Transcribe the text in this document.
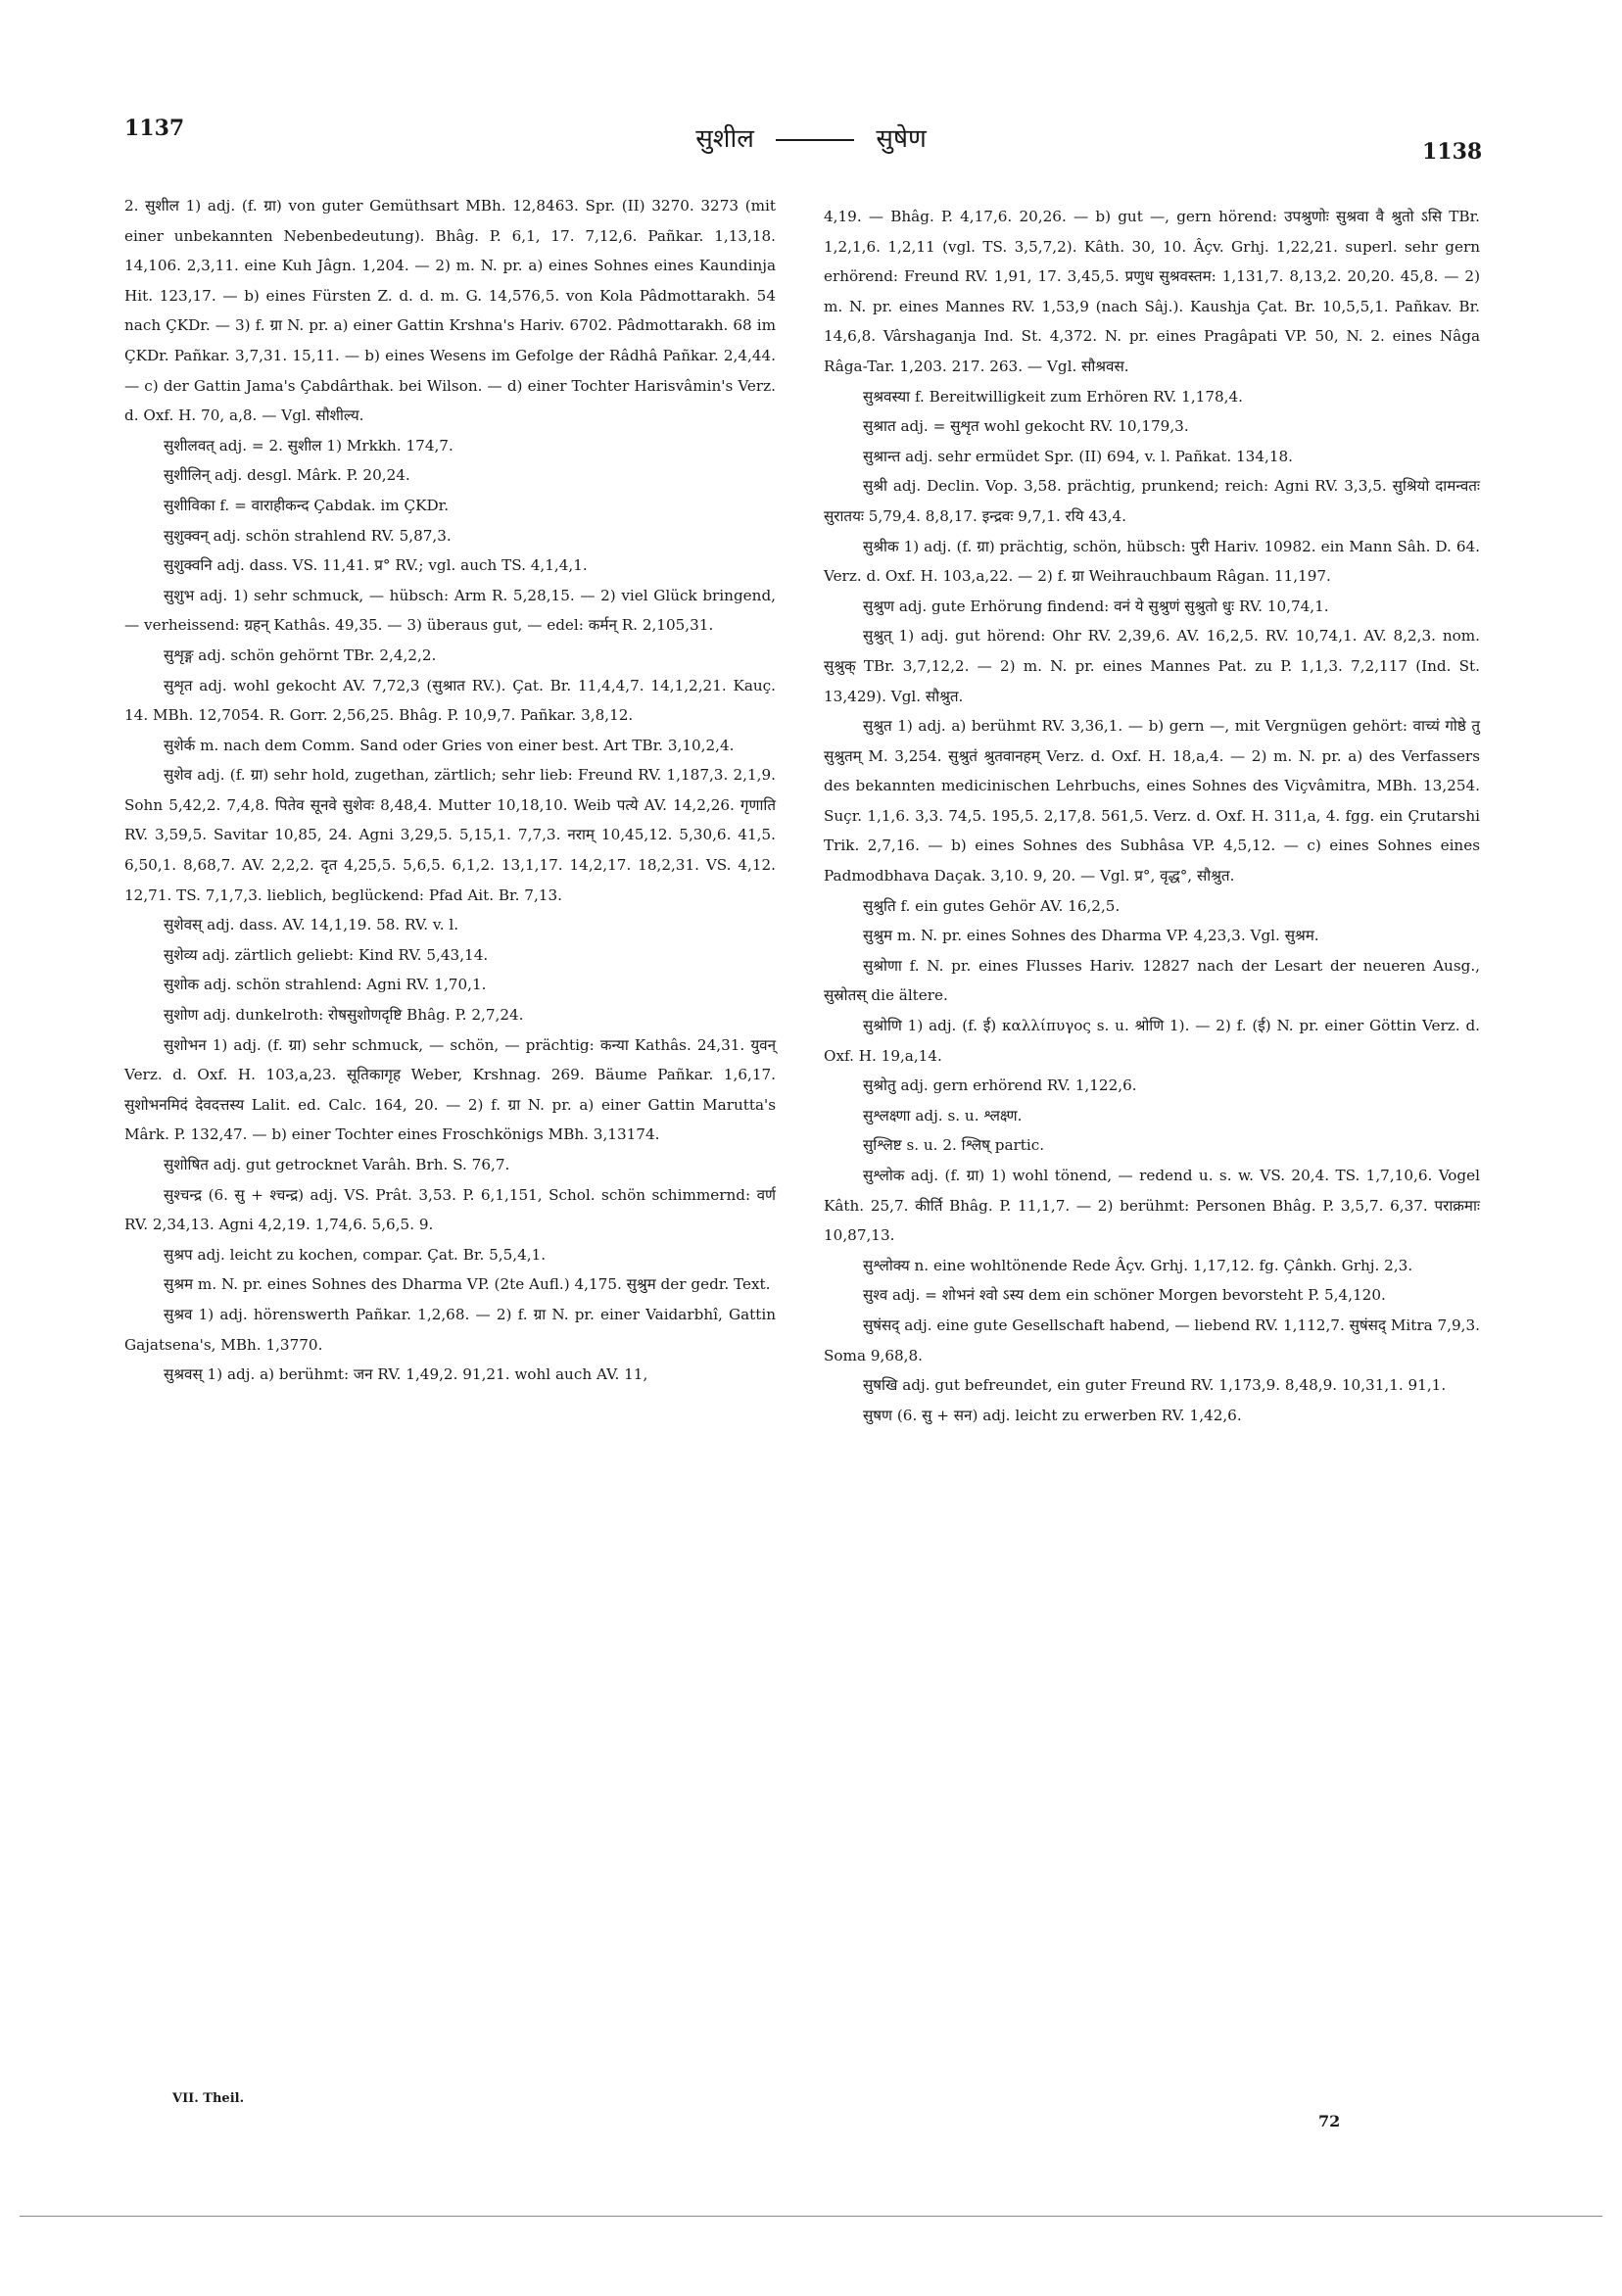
1137	सुशील	सुषेण	1138

2. सुशील 1) adj. (f. ग्रा) von guter Gemüthsart MBh. 12,8463. Spr. (II) 3270. 3273 (mit einer unbekannten Nebenbedeutung). Bhâg. P. 6,1, 17. 7,12,6. Pañkar. 1,13,18. 14,106. 2,3,11. eine Kuh Jâgn. 1,204. — 2) m. N. pr. a) eines Sohnes eines Kaundinja Hit. 123,17. — b) eines Fürsten Z. d. d. m. G. 14,576,5. von Kola Pâdmottarakh. 54 nach ÇKDr. — 3) f. ग्रा N. pr. a) einer Gattin Krshna's Hariv. 6702. Pâdmottarakh. 68 im ÇKDr. Pañkar. 3,7,31. 15,11. — b) eines Wesens im Gefolge der Râdhâ Pañkar. 2,4,44. — c) der Gattin Jama's Çabdârthak. bei Wilson. — d) einer Tochter Harisvâmin's Verz. d. Oxf. H. 70, a,8. — Vgl. सौशील्य.

सुशीलवत् adj. = 2. सुशील 1) Mrkkh. 174,7.

सुशीलिन् adj. desgl. Mârk. P. 20,24.

सुशीविका f. = वाराहीकन्द Çabdak. im ÇKDr.

सुशुक्वन् adj. schön strahlend RV. 5,87,3.

सुशुक्वनि adj. dass. VS. 11,41. प्र° RV.; vgl. auch TS. 4,1,4,1.

सुशुभ adj. 1) sehr schmuck, — hübsch: Arm R. 5,28,15. — 2) viel Glück bringend, — verheissend: ग्रहन् Kathâs. 49,35. — 3) überaus gut, — edel: कर्मन् R. 2,105,31.

सुशृङ्ग adj. schön gehörnt TBr. 2,4,2,2.

सुशृत adj. wohl gekocht AV. 7,72,3 (सुश्रात RV.). Çat. Br. 11,4,4,7. 14,1,2,21. Kauç. 14. MBh. 12,7054. R. Gorr. 2,56,25. Bhâg. P. 10,9,7. Pañkar. 3,8,12.

सुशेर्क m. nach dem Comm. Sand oder Gries von einer best. Art TBr. 3,10,2,4.

सुशेव adj. (f. ग्रा) sehr hold, zugethan, zärtlich; sehr lieb: Freund RV. 1,187,3. 2,1,9. Sohn 5,42,2. 7,4,8. पितेव सूनवे सुशेवः 8,48,4. Mutter 10,18,10. Weib पत्ये AV. 14,2,26. गृणाति RV. 3,59,5. Savitar 10,85, 24. Agni 3,29,5. 5,15,1. 7,7,3. नराम् 10,45,12. 5,30,6. 41,5. 6,50,1. 8,68,7. AV. 2,2,2. दृत 4,25,5. 5,6,5. 6,1,2. 13,1,17. 14,2,17. 18,2,31. VS. 4,12. 12,71. TS. 7,1,7,3. lieblich, beglückend: Pfad Ait. Br. 7,13.

सुशेवस् adj. dass. AV. 14,1,19. 58. RV. v. l.

सुशेव्य adj. zärtlich geliebt: Kind RV. 5,43,14.

सुशोक adj. schön strahlend: Agni RV. 1,70,1.

सुशोण adj. dunkelroth: रोषसुशोणदृष्टि Bhâg. P. 2,7,24.

सुशोभन 1) adj. (f. ग्रा) sehr schmuck, — schön, — prächtig: कन्या Kathâs. 24,31. युवन् Verz. d. Oxf. H. 103,a,23. सूतिकागृह Weber, Krshnag. 269. Bäume Pañkar. 1,6,17. सुशोभनमिदं देवदत्तस्य Lalit. ed. Calc. 164, 20. — 2) f. ग्रा N. pr. a) einer Gattin Marutta's Mârk. P. 132,47. — b) einer Tochter eines Froschkönigs MBh. 3,13174.

सुशोषित adj. gut getrocknet Varâh. Brh. S. 76,7.

सुश्चन्द्र (6. सु + श्चन्द्र) adj. VS. Prât. 3,53. P. 6,1,151, Schol. schön schimmernd: वर्ण RV. 2,34,13. Agni 4,2,19. 1,74,6. 5,6,5. 9.

सुश्रप adj. leicht zu kochen, compar. Çat. Br. 5,5,4,1.

सुश्रम m. N. pr. eines Sohnes des Dharma VP. (2te Aufl.) 4,175. सुश्रुम der gedr. Text.

सुश्रव 1) adj. hörenswerth Pañkar. 1,2,68. — 2) f. ग्रा N. pr. einer Vaidarbhî, Gattin Gajatsena's, MBh. 1,3770.

सुश्रवस् 1) adj. a) berühmt: जन RV. 1,49,2. 91,21. wohl auch AV. 11,

4,19. — Bhâg. P. 4,17,6. 20,26. — b) gut —, gern hörend: उपश्रुणोः सुश्रवा वै श्रुतो ऽसि TBr. 1,2,1,6. 1,2,11 (vgl. TS. 3,5,7,2). Kâth. 30, 10. Âçv. Grhj. 1,22,21. superl. sehr gern erhörend: Freund RV. 1,91, 17. 3,45,5. प्रणुध सुश्रवस्तम: 1,131,7. 8,13,2. 20,20. 45,8. — 2) m. N. pr. eines Mannes RV. 1,53,9 (nach Sâj.). Kaushja Çat. Br. 10,5,5,1. Pañkav. Br. 14,6,8. Vârshaganja Ind. St. 4,372. N. pr. eines Pragâpati VP. 50, N. 2. eines Nâga Râga-Tar. 1,203. 217. 263. — Vgl. सौश्रवस.

सुश्रवस्या f. Bereitwilligkeit zum Erhören RV. 1,178,4.

सुश्रात adj. = सुशृत wohl gekocht RV. 10,179,3.

सुश्रान्त adj. sehr ermüdet Spr. (II) 694, v. l. Pañkat. 134,18.

सुश्री adj. Declin. Vop. 3,58. prächtig, prunkend; reich: Agni RV. 3,3,5. सुश्रियो दामन्वतः सुरातयः 5,79,4. 8,8,17. इन्द्रवः 9,7,1. रयि 43,4.

सुश्रीक 1) adj. (f. ग्रा) prächtig, schön, hübsch: पुरी Hariv. 10982. ein Mann Sâh. D. 64. Verz. d. Oxf. H. 103,a,22. — 2) f. ग्रा Weihrauchbaum Râgan. 11,197.

सुश्रुण adj. gute Erhörung findend: वनं ये सुश्रुणं सुश्रुतो धुः RV. 10,74,1.

सुश्रुत् 1) adj. gut hörend: Ohr RV. 2,39,6. AV. 16,2,5. RV. 10,74,1. AV. 8,2,3. nom. सुश्रुक् TBr. 3,7,12,2. — 2) m. N. pr. eines Mannes Pat. zu P. 1,1,3. 7,2,117 (Ind. St. 13,429). Vgl. सौश्रुत.

सुश्रुत 1) adj. a) berühmt RV. 3,36,1. — b) gern —, mit Vergnügen gehört: वाच्यं गोष्ठे तु सुश्रुतम् M. 3,254. सुश्रुतं श्रुतवानहम् Verz. d. Oxf. H. 18,a,4. — 2) m. N. pr. a) des Verfassers des bekannten medicinischen Lehrbuchs, eines Sohnes des Viçvâmitra, MBh. 13,254. Suçr. 1,1,6. 3,3. 74,5. 195,5. 2,17,8. 561,5. Verz. d. Oxf. H. 311,a, 4. fgg. ein Çrutarshi Trik. 2,7,16. — b) eines Sohnes des Subhâsa VP. 4,5,12. — c) eines Sohnes eines Padmodbhava Daçak. 3,10. 9, 20. — Vgl. प्र°, वृद्ध°, सौश्रुत.

सुश्रुति f. ein gutes Gehör AV. 16,2,5.

सुश्रुम m. N. pr. eines Sohnes des Dharma VP. 4,23,3. Vgl. सुश्रम.

सुश्रोणा f. N. pr. eines Flusses Hariv. 12827 nach der Lesart der neueren Ausg., सुस्रोतस् die ältere.

सुश्रोणि 1) adj. (f. ई) καλλίπυγος s. u. श्रोणि 1). — 2) f. (ई) N. pr. einer Göttin Verz. d. Oxf. H. 19,a,14.

सुश्रोतु adj. gern erhörend RV. 1,122,6.

सुश्लक्ष्णा adj. s. u. श्लक्ष्ण.

सुश्लिष्ट s. u. 2. श्लिष् partic.

सुश्लोक adj. (f. ग्रा) 1) wohl tönend, — redend u. s. w. VS. 20,4. TS. 1,7,10,6. Vogel Kâth. 25,7. कीर्ति Bhâg. P. 11,1,7. — 2) berühmt: Personen Bhâg. P. 3,5,7. 6,37. पराक्रमाः 10,87,13.

सुश्लोक्य n. eine wohltönende Rede Âçv. Grhj. 1,17,12. fg. Çânkh. Grhj. 2,3.

सुश्व adj. = शोभनं श्वो ऽस्य dem ein schöner Morgen bevorsteht P. 5,4,120.

सुषंसद् adj. eine gute Gesellschaft habend, — liebend RV. 1,112,7. सुषंसद् Mitra 7,9,3. Soma 9,68,8.

सुषखि adj. gut befreundet, ein guter Freund RV. 1,173,9. 8,48,9. 10,31,1. 91,1.

सुषण (6. सु + सन) adj. leicht zu erwerben RV. 1,42,6.

VII. Theil.
72
